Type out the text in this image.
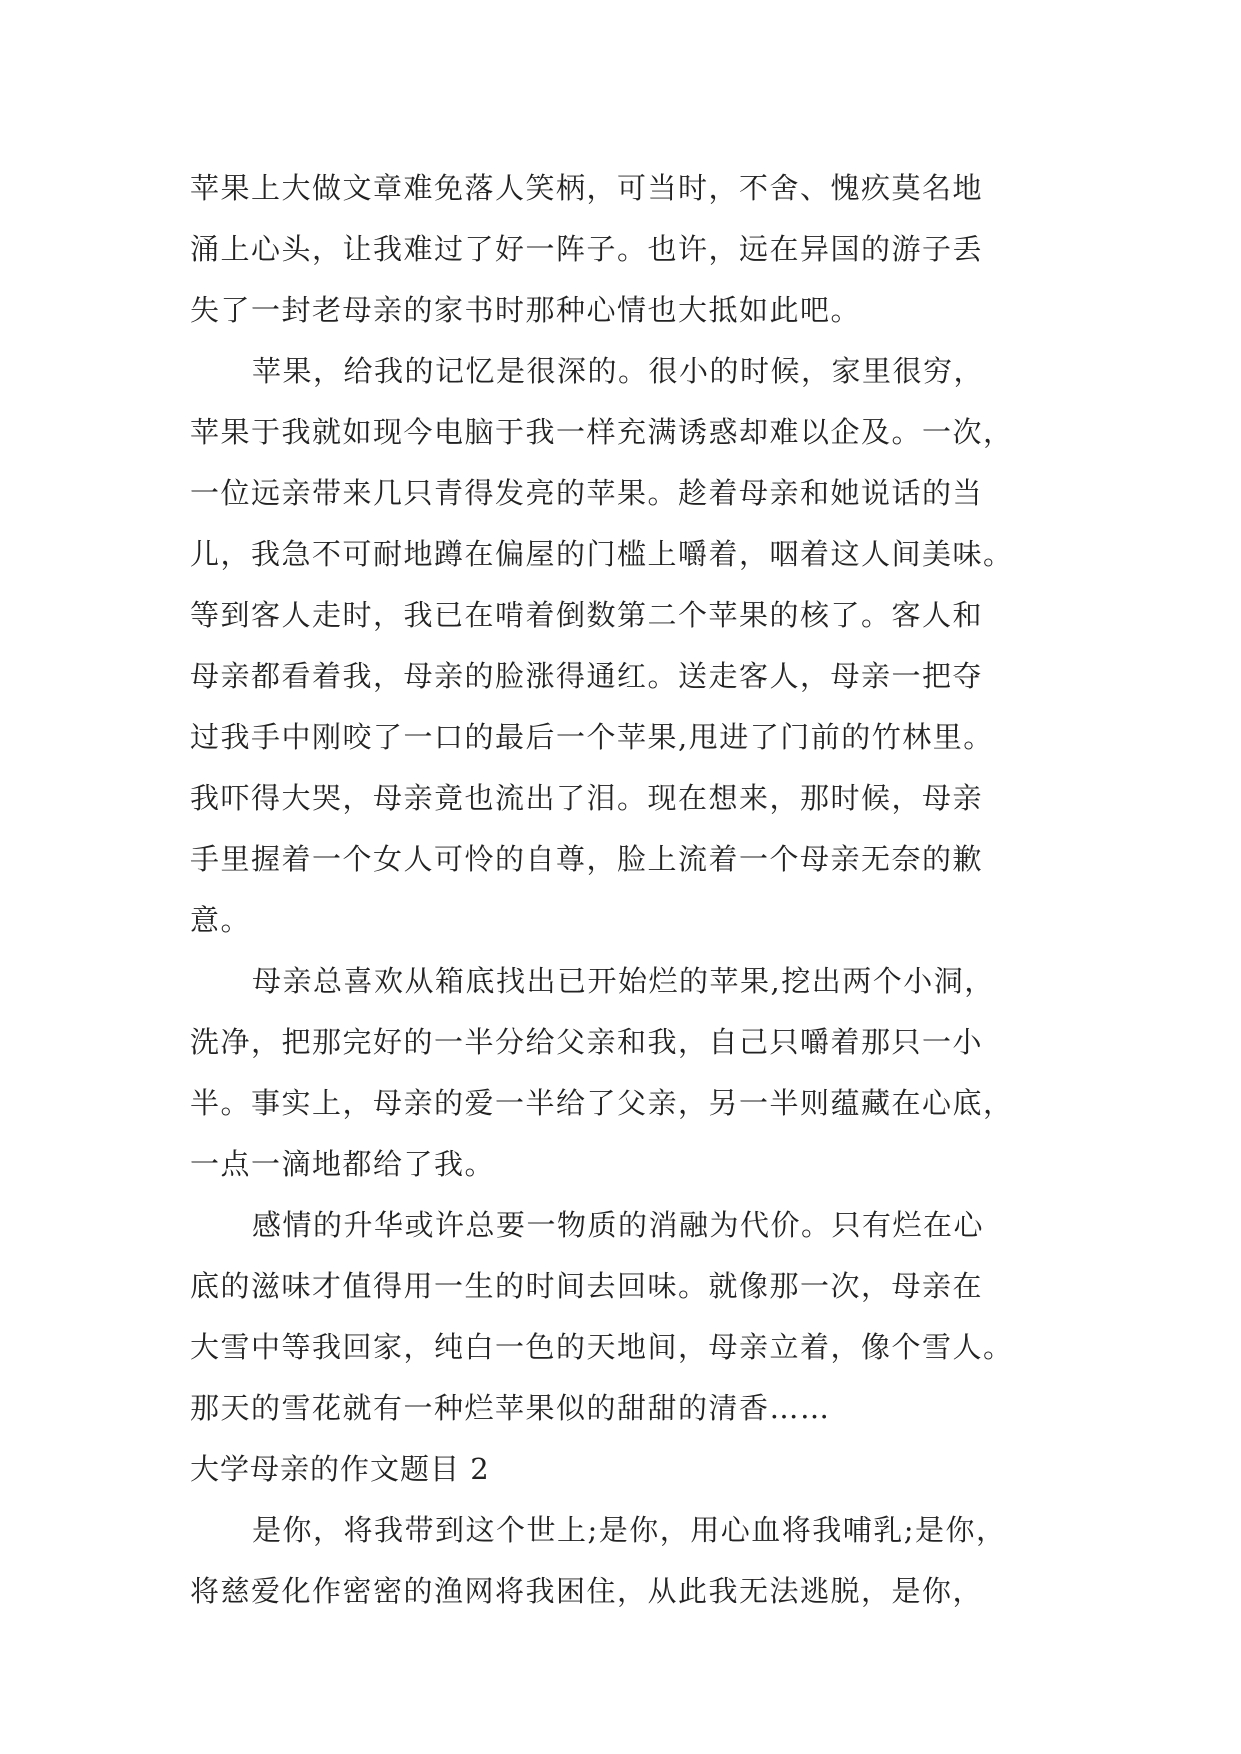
苹果上大做文章难免落人笑柄，可当时，不舍、愧疚莫名地
涌上心头，让我难过了好一阵子。也许，远在异国的游子丢
失了一封老母亲的家书时那种心情也大抵如此吧。
苹果，给我的记忆是很深的。很小的时候，家里很穷，
苹果于我就如现今电脑于我一样充满诱惑却难以企及。一次，
一位远亲带来几只青得发亮的苹果。趁着母亲和她说话的当
儿，我急不可耐地蹲在偏屋的门槛上嚼着，咽着这人间美味。
等到客人走时，我已在啃着倒数第二个苹果的核了。客人和
母亲都看着我，母亲的脸涨得通红。送走客人，母亲一把夺
过我手中刚咬了一口的最后一个苹果,甩进了门前的竹林里。
我吓得大哭，母亲竟也流出了泪。现在想来，那时候，母亲
手里握着一个女人可怜的自尊，脸上流着一个母亲无奈的歉
意。
母亲总喜欢从箱底找出已开始烂的苹果,挖出两个小洞，
洗净，把那完好的一半分给父亲和我，自己只嚼着那只一小
半。事实上，母亲的爱一半给了父亲，另一半则蕴藏在心底，
一点一滴地都给了我。
感情的升华或许总要一物质的消融为代价。只有烂在心
底的滋味才值得用一生的时间去回味。就像那一次，母亲在
大雪中等我回家，纯白一色的天地间，母亲立着，像个雪人。
那天的雪花就有一种烂苹果似的甜甜的清香……
大学母亲的作文题目 2
是你，将我带到这个世上;是你，用心血将我哺乳;是你，
将慈爱化作密密的渔网将我困住，从此我无法逃脱，是你，
